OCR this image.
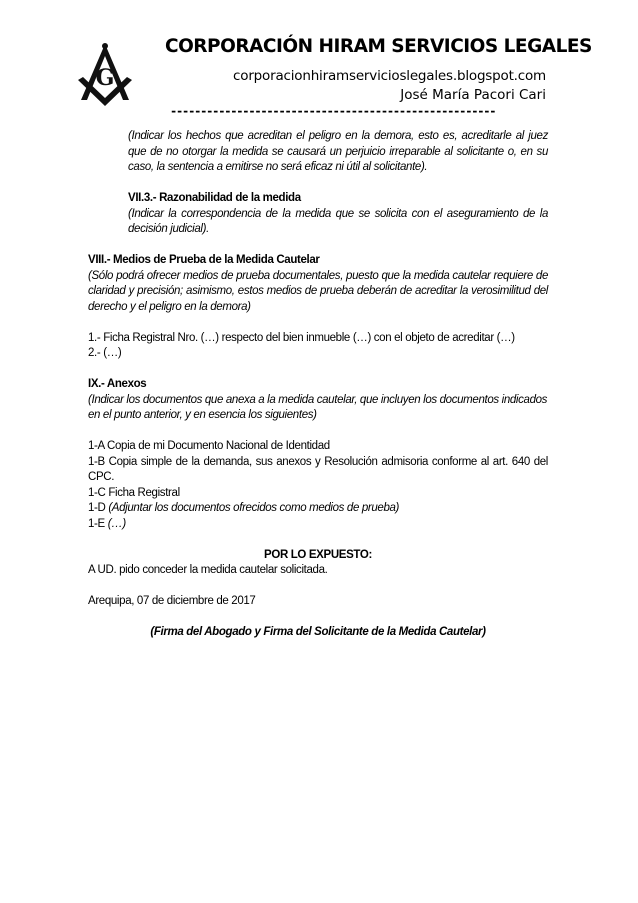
G
CORPORACIÓN HIRAM SERVICIOS LEGALES
corporacionhiramservicioslegales.blogspot.com
José María Pacori Cari
------------------------------------------------------

(Indicar los hechos que acreditan el peligro en la demora, esto es, acreditarle al juez que de no otorgar la medida se causará un perjuicio irreparable al solicitante o, en su caso, la sentencia a emitirse no será eficaz ni útil al solicitante).

VII.3.- Razonabilidad de la medida

(Indicar la correspondencia de la medida que se solicita con el aseguramiento de la decisión judicial).

VIII.- Medios de Prueba de la Medida Cautelar

(Sólo podrá ofrecer medios de prueba documentales, puesto que la medida cautelar requiere de claridad y precisión; asimismo, estos medios de prueba deberán de acreditar la verosimilitud del derecho y el peligro en la demora)

1.- Ficha Registral Nro. (…) respecto del bien inmueble (…) con el objeto de acreditar (…)

2.- (…)

IX.- Anexos

(Indicar los documentos que anexa a la medida cautelar, que incluyen los documentos indicados en el punto anterior, y en esencia los siguientes)

1-A Copia de mi Documento Nacional de Identidad

1-B Copia simple de la demanda, sus anexos y Resolución admisoria conforme al art. 640 del CPC.

1-C Ficha Registral

1-D (Adjuntar los documentos ofrecidos como medios de prueba)

1-E (…)

POR LO EXPUESTO:

A UD. pido conceder la medida cautelar solicitada.

Arequipa, 07 de diciembre de 2017

(Firma del Abogado y Firma del Solicitante de la Medida Cautelar)
